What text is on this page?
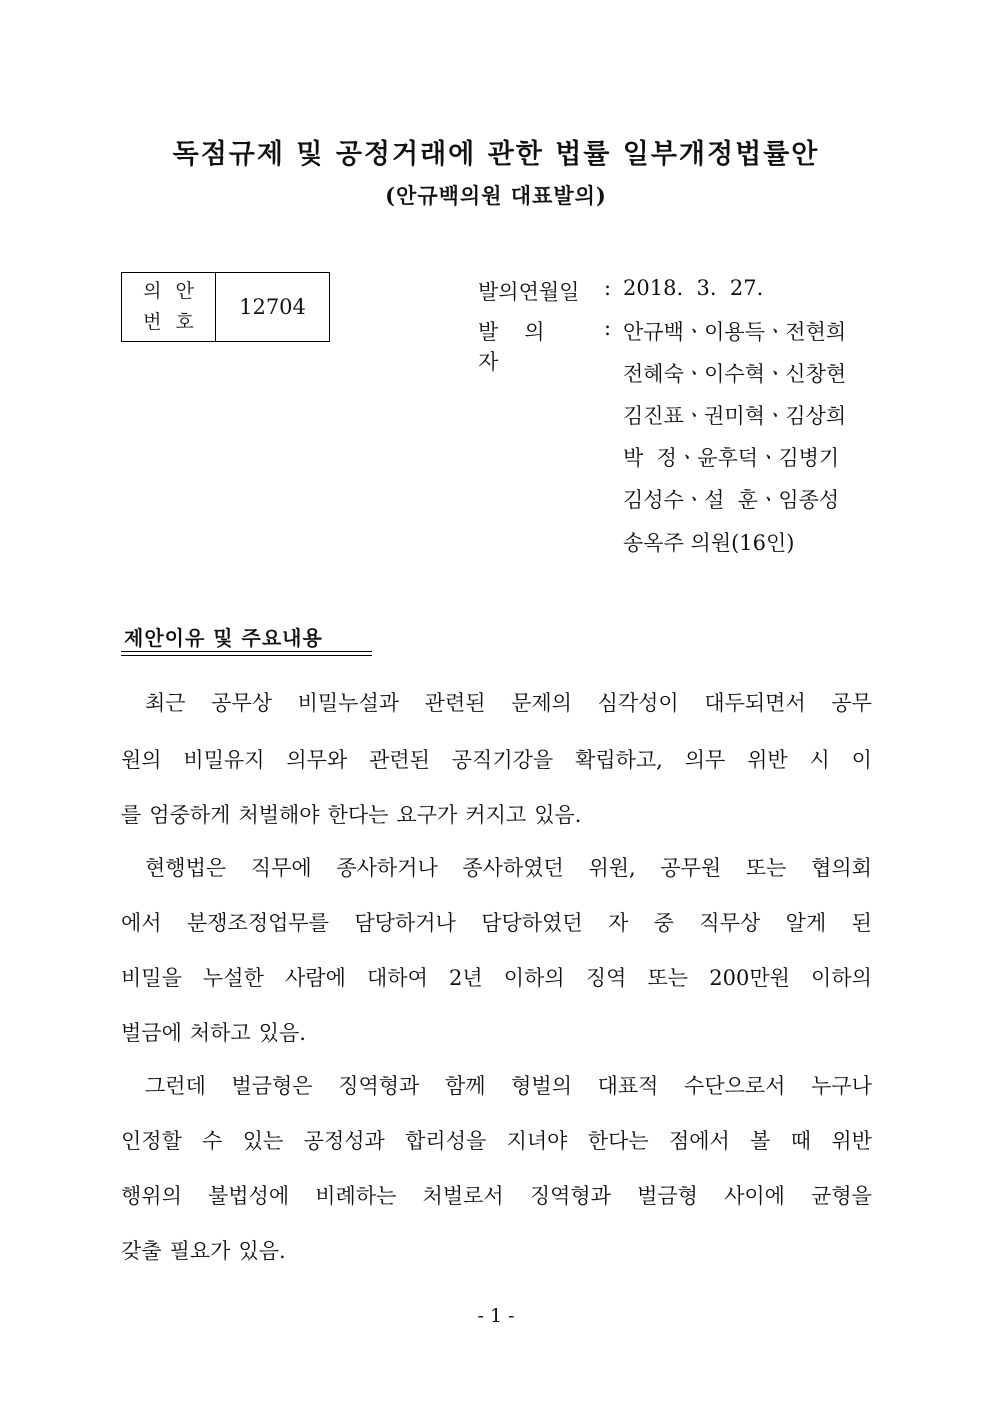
독점규제 및 공정거래에 관한 법률 일부개정법률안
(안규백의원 대표발의)
의안
번호
12704
발의연월일 : 2018.  3.  27.
발의자
: 안규백ㆍ이용득ㆍ전현희
전혜숙ㆍ이수혁ㆍ신창현
김진표ㆍ권미혁ㆍ김상희
박  정ㆍ윤후덕ㆍ김병기
김성수ㆍ설  훈ㆍ임종성
송옥주 의원(16인)
제안이유 및 주요내용
최근 공무상 비밀누설과 관련된 문제의 심각성이 대두되면서 공무
원의 비밀유지 의무와 관련된 공직기강을 확립하고, 의무 위반 시 이
를 엄중하게 처벌해야 한다는 요구가 커지고 있음.
현행법은 직무에 종사하거나 종사하였던 위원, 공무원 또는 협의회
에서 분쟁조정업무를 담당하거나 담당하였던 자 중 직무상 알게 된
비밀을 누설한 사람에 대하여 2년 이하의 징역 또는 200만원 이하의
벌금에 처하고 있음.
그런데 벌금형은 징역형과 함께 형벌의 대표적 수단으로서 누구나
인정할 수 있는 공정성과 합리성을 지녀야 한다는 점에서 볼 때 위반
행위의 불법성에 비례하는 처벌로서 징역형과 벌금형 사이에 균형을
갖출 필요가 있음.
- 1 -
